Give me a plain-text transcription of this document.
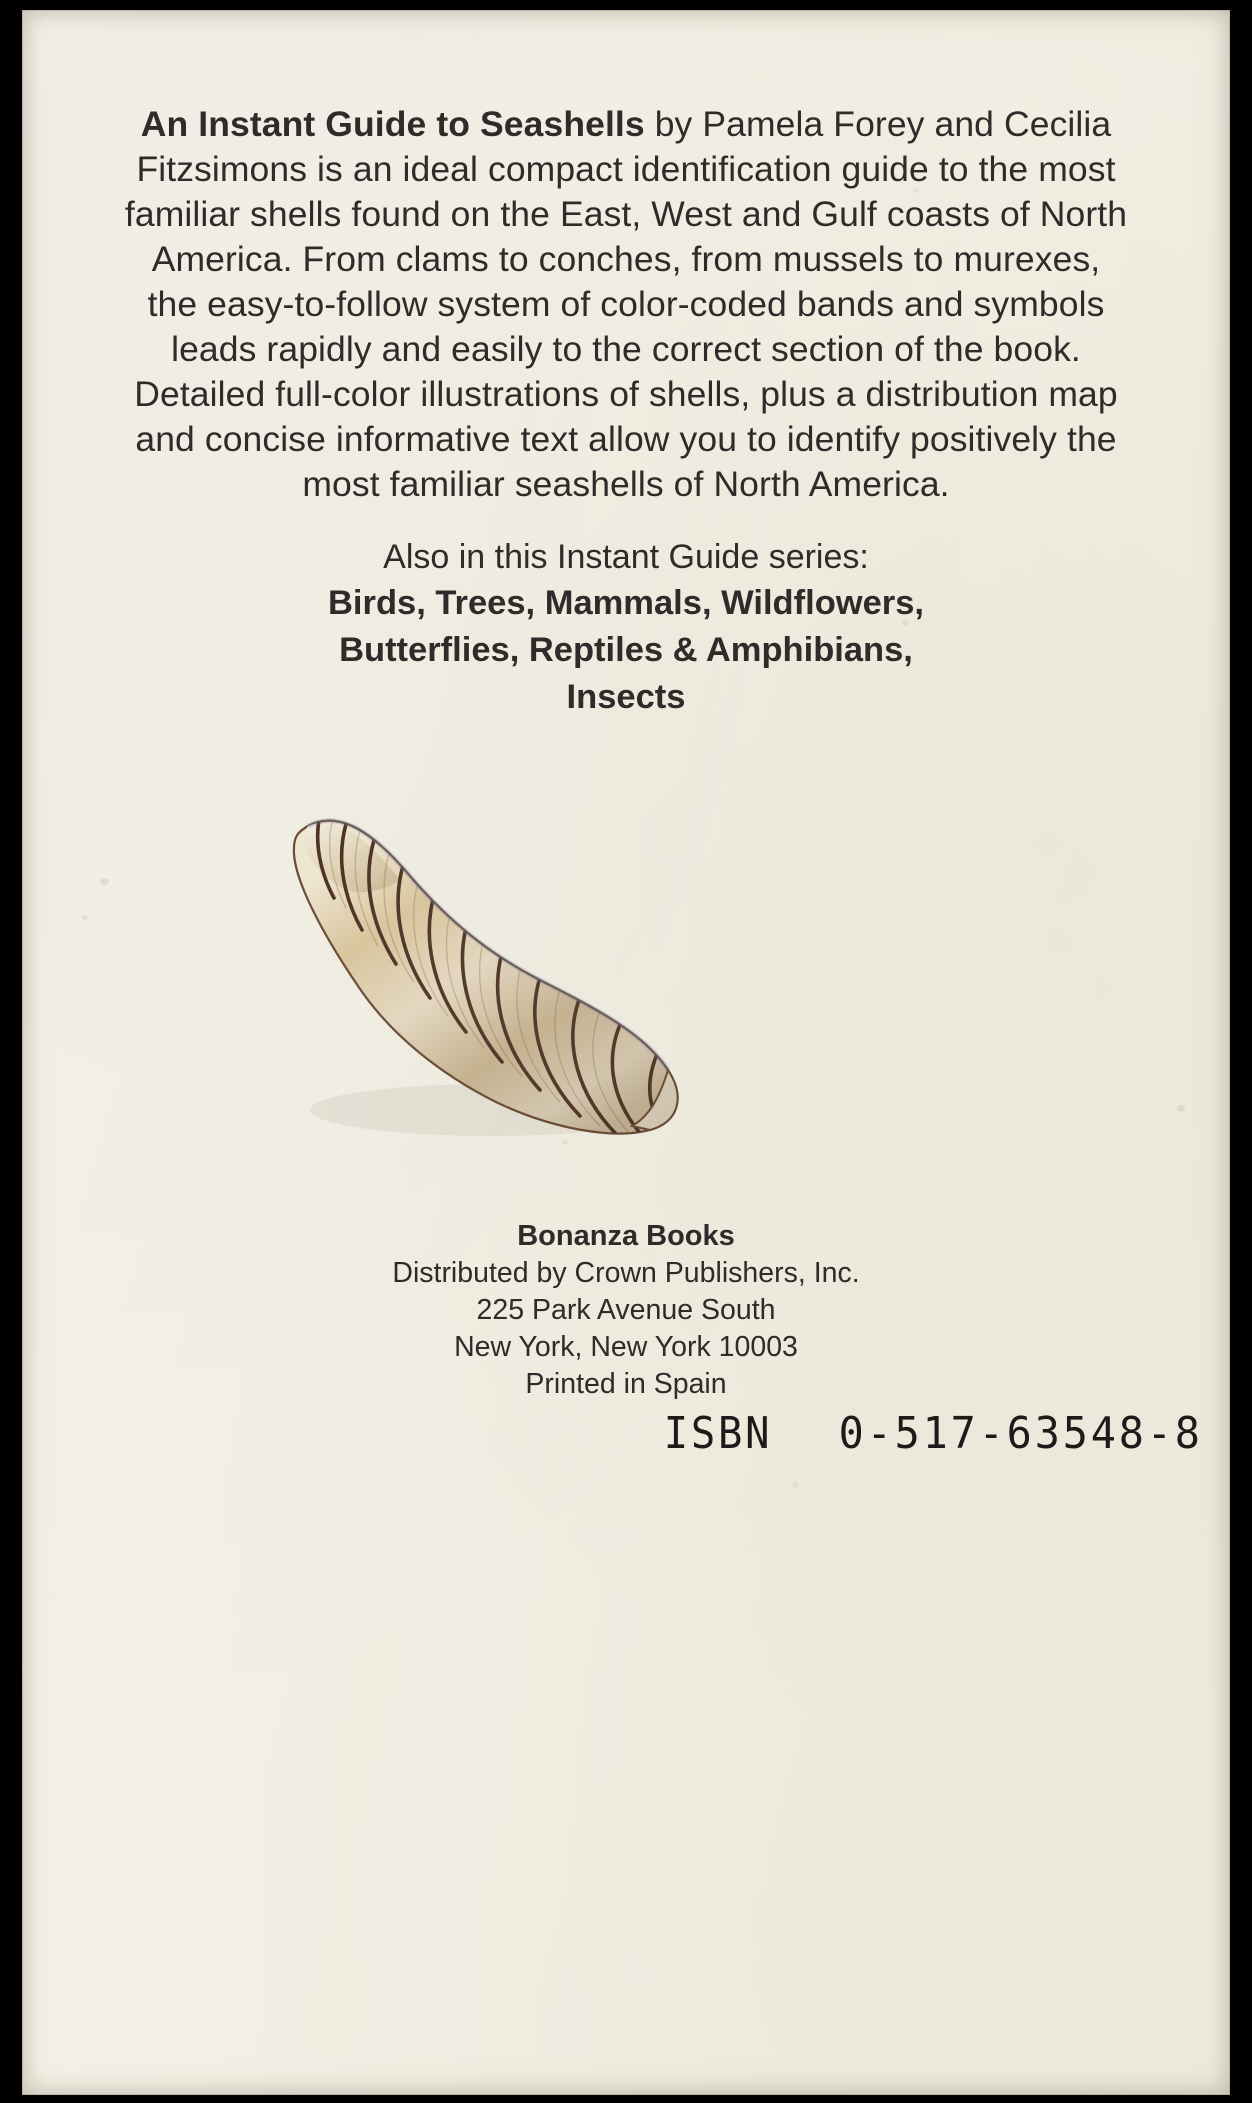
An Instant Guide to Seashells by Pamela Forey and Cecilia Fitzsimons is an ideal compact identification guide to the most familiar shells found on the East, West and Gulf coasts of North America. From clams to conches, from mussels to murexes, the easy-to-follow system of color-coded bands and symbols leads rapidly and easily to the correct section of the book. Detailed full-color illustrations of shells, plus a distribution map and concise informative text allow you to identify positively the most familiar seashells of North America.

Also in this Instant Guide series:
Birds, Trees, Mammals, Wildflowers,
Butterflies, Reptiles & Amphibians,
Insects
Bonanza Books
Distributed by Crown Publishers, Inc.
225 Park Avenue South
New York, New York 10003
Printed in Spain
ISBN 0-517-63548-8
